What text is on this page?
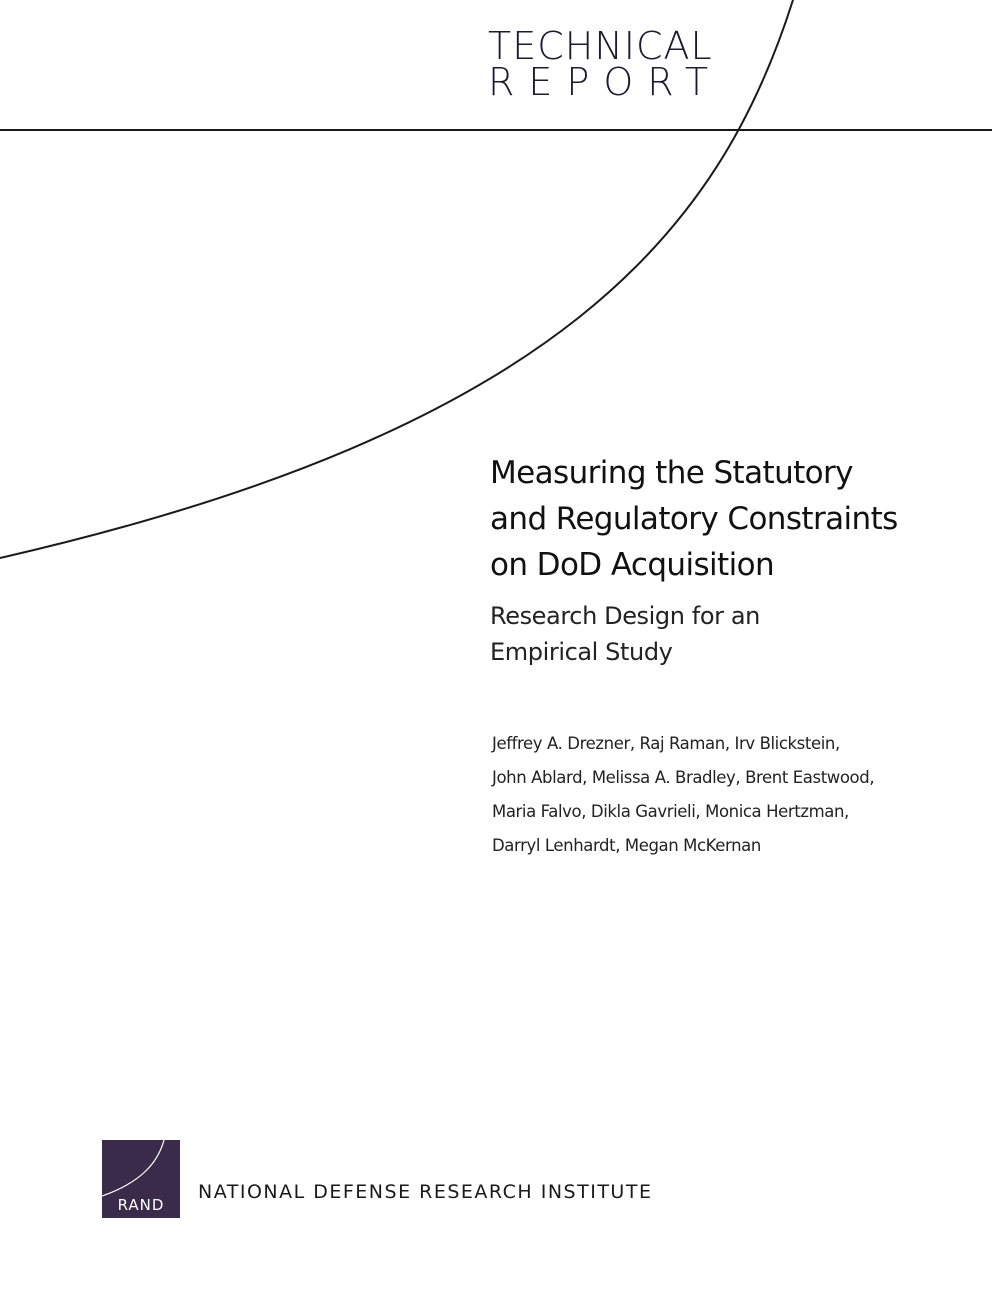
TECHNICAL
REPORT
Measuring the Statutory
and Regulatory Constraints
on DoD Acquisition
Research Design for an
Empirical Study
Jeffrey A. Drezner, Raj Raman, Irv Blickstein,
John Ablard, Melissa A. Bradley, Brent Eastwood,
Maria Falvo, Dikla Gavrieli, Monica Hertzman,
Darryl Lenhardt, Megan McKernan
RAND
NATIONAL DEFENSE RESEARCH INSTITUTE
